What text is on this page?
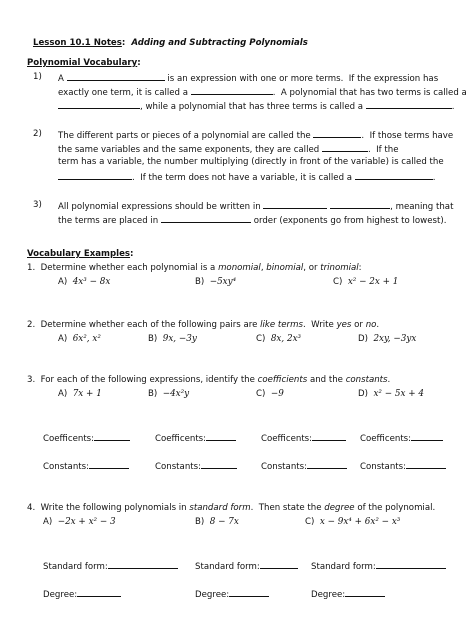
Lesson 10.1 Notes: Adding and Subtracting Polynomials

Polynomial Vocabulary:
1) A	is an expression with one or more terms.  If the expression has
exactly one term, it is called a	.  A polynomial that has two terms is called a
, while a polynomial that has three terms is called a	.
2) The different parts or pieces of a polynomial are called the	.  If those terms have
the same variables and the same exponents, they are called	.  If the
term has a variable, the number multiplying (directly in front of the variable) is called the
.  If the term does not have a variable, it is called a	.
3) All polynomial expressions should be written in	, meaning that
the terms are placed in	order (exponents go from highest to lowest).
Vocabulary Examples:
1.  Determine whether each polynomial is a monomial, binomial, or trinomial:
A) 4x³ − 8x	B) −5xy⁴	C) x² − 2x + 1
2.  Determine whether each of the following pairs are like terms.  Write yes or no.
A) 6x², x²	B) 9x, −3y	C) 8x, 2x³	D) 2xy, −3yx
3.  For each of the following expressions, identify the coefficients and the constants.
A) 7x + 1	B) −4x²y	C) −9	D) x² − 5x + 4
Coefficents:	Coefficents:	Coefficents:	Coefficents:
Constants:	Constants:	Constants:	Constants:
4.  Write the following polynomials in standard form.  Then state the degree of the polynomial.
A) −2x + x² − 3	B) 8 − 7x	C) x − 9x⁴ + 6x² − x³
Standard form:	Standard form:	Standard form:
Degree:	Degree:	Degree:
